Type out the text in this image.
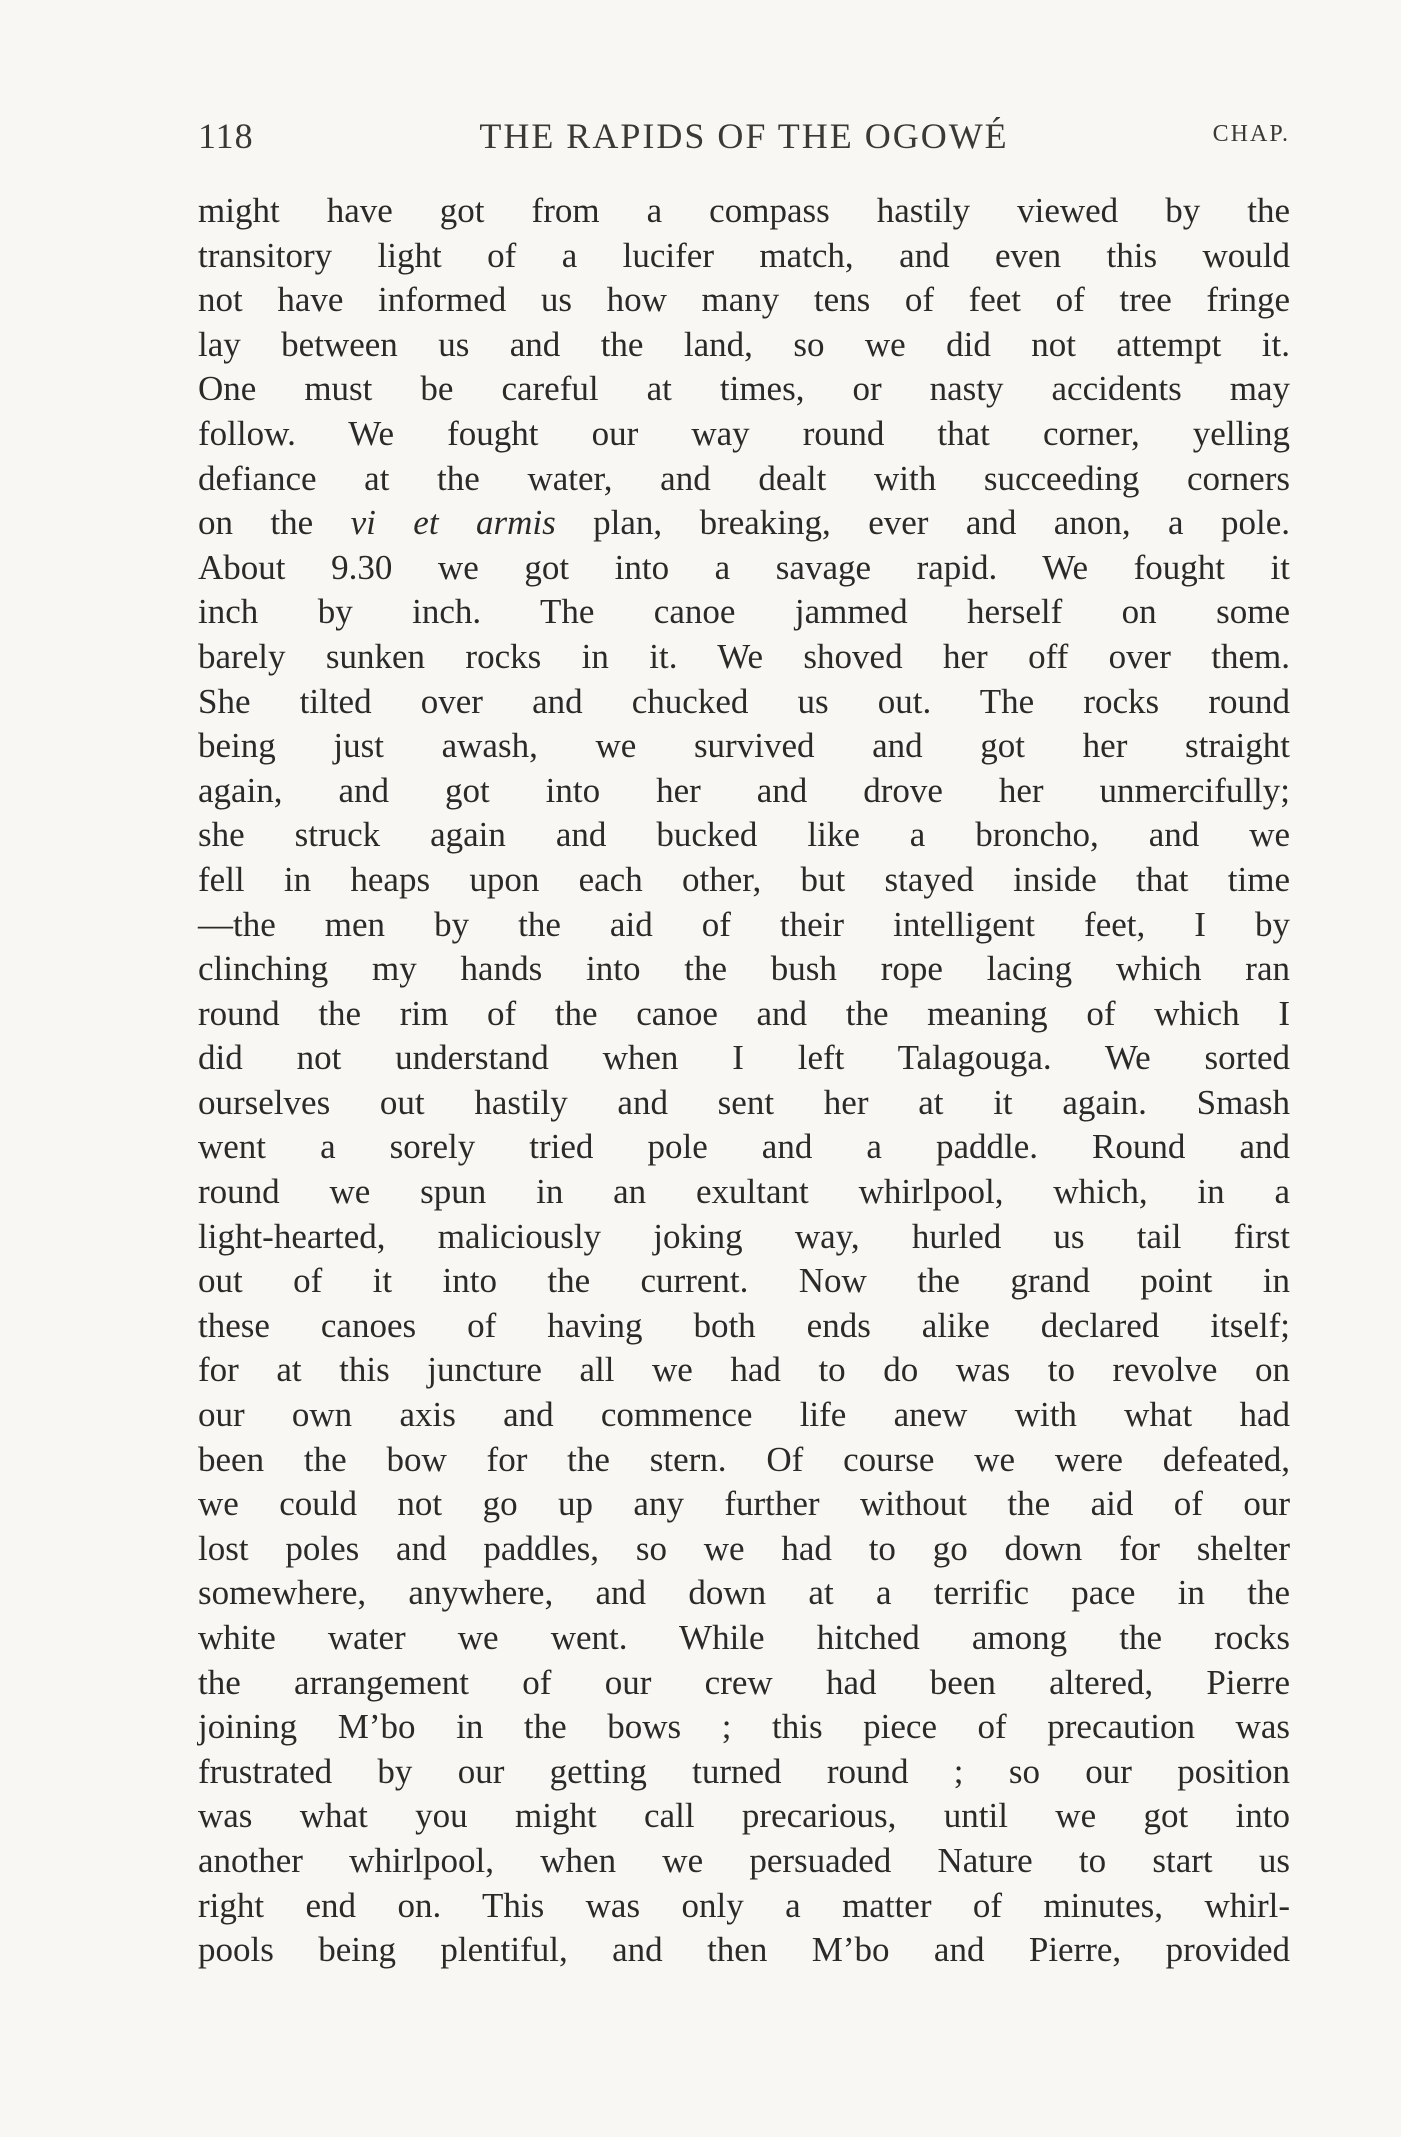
118	THE RAPIDS OF THE OGOWÉ	CHAP.
might have got from a compass hastily viewed by the
transitory light of a lucifer match, and even this would
not have informed us how many tens of feet of tree fringe
lay between us and the land, so we did not attempt it.
One must be careful at times, or nasty accidents may
follow. We fought our way round that corner, yelling
defiance at the water, and dealt with succeeding corners
on the vi et armis plan, breaking, ever and anon, a pole.
About 9.30 we got into a savage rapid. We fought it
inch by inch. The canoe jammed herself on some
barely sunken rocks in it. We shoved her off over them.
She tilted over and chucked us out. The rocks round
being just awash, we survived and got her straight
again, and got into her and drove her unmercifully;
she struck again and bucked like a broncho, and we
fell in heaps upon each other, but stayed inside that time
—the men by the aid of their intelligent feet, I by
clinching my hands into the bush rope lacing which ran
round the rim of the canoe and the meaning of which I
did not understand when I left Talagouga. We sorted
ourselves out hastily and sent her at it again. Smash
went a sorely tried pole and a paddle. Round and
round we spun in an exultant whirlpool, which, in a
light-hearted, maliciously joking way, hurled us tail first
out of it into the current. Now the grand point in
these canoes of having both ends alike declared itself;
for at this juncture all we had to do was to revolve on
our own axis and commence life anew with what had
been the bow for the stern. Of course we were defeated,
we could not go up any further without the aid of our
lost poles and paddles, so we had to go down for shelter
somewhere, anywhere, and down at a terrific pace in the
white water we went. While hitched among the rocks
the arrangement of our crew had been altered, Pierre
joining M’bo in the bows ; this piece of precaution was
frustrated by our getting turned round ; so our position
was what you might call precarious, until we got into
another whirlpool, when we persuaded Nature to start us
right end on. This was only a matter of minutes, whirl-
pools being plentiful, and then M’bo and Pierre, provided
